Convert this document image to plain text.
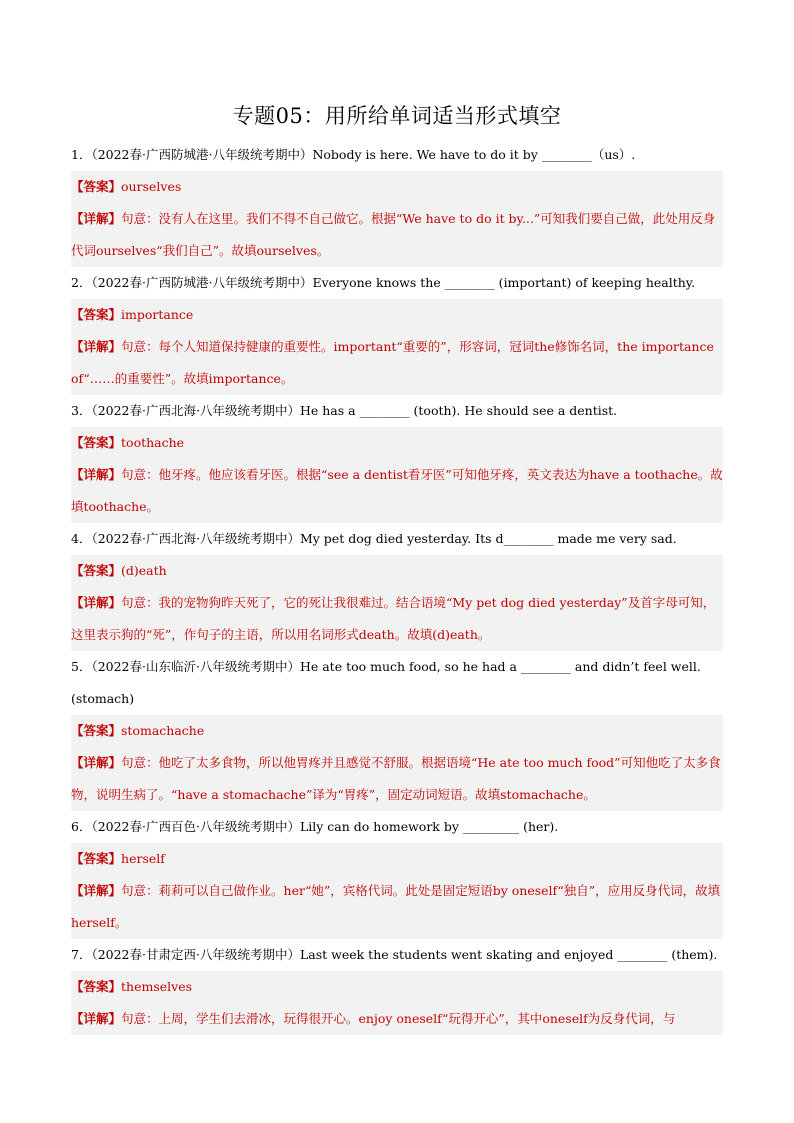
专题05：用所给单词适当形式填空

1．（2022春·广西防城港·八年级统考期中）Nobody is here. We have to do it by ________（us）.

【答案】ourselves

【详解】句意：没有人在这里。我们不得不自己做它。根据“We have to do it by...”可知我们要自己做，此处用反身代词ourselves“我们自己”。故填ourselves。

2．（2022春·广西防城港·八年级统考期中）Everyone knows the ________ (important) of keeping healthy.

【答案】importance

【详解】句意：每个人知道保持健康的重要性。important“重要的”，形容词，冠词the修饰名词，the importance of“……的重要性”。故填importance。

3．（2022春·广西北海·八年级统考期中）He has a ________ (tooth). He should see a dentist.

【答案】toothache

【详解】句意：他牙疼。他应该看牙医。根据“see a dentist看牙医”可知他牙疼，英文表达为have a toothache。故填toothache。

4．（2022春·广西北海·八年级统考期中）My pet dog died yesterday. Its d________ made me very sad.

【答案】(d)eath

【详解】句意：我的宠物狗昨天死了，它的死让我很难过。结合语境“My pet dog died yesterday”及首字母可知，这里表示狗的“死”，作句子的主语，所以用名词形式death。故填(d)eath。

5．（2022春·山东临沂·八年级统考期中）He ate too much food, so he had a ________ and didn’t feel well.(stomach)

【答案】stomachache

【详解】句意：他吃了太多食物，所以他胃疼并且感觉不舒服。根据语境“He ate too much food”可知他吃了太多食物，说明生病了。“have a stomachache”译为“胃疼”，固定动词短语。故填stomachache。

6．（2022春·广西百色·八年级统考期中）Lily can do homework by _________ (her).

【答案】herself

【详解】句意：莉莉可以自己做作业。her“她”，宾格代词。此处是固定短语by oneself“独自”，应用反身代词，故填herself。

7．（2022春·甘肃定西·八年级统考期中）Last week the students went skating and enjoyed ________ (them).

【答案】themselves

【详解】句意：上周，学生们去滑冰，玩得很开心。enjoy oneself“玩得开心”，其中oneself为反身代词，与
